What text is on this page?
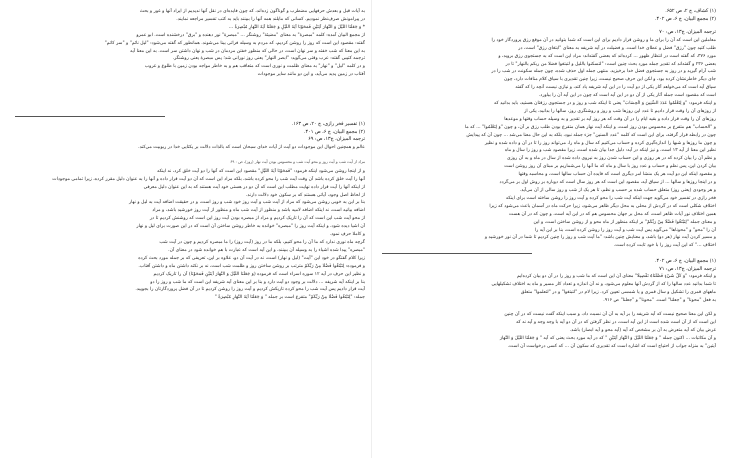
به آیات قبل و بعدش حرفهایی مضطرب و گوناگون زده‌اند، که چون فایده‌ای در نقل آنها ندیدیم از ایراد آنها و غور و بحث

در پیرامونش صرف‌نظر نمودیم. کسانی که مایلند همه آنها را ببینند باید به کتب تفسیر مراجعه نمایند.

* وَ جَعَلْنَا اللَّيْلَ وَ النَّهَارَ آيَتَيْنِ فَمَحَوْنَا آيَةَ اللَّيْلِ وَ جَعَلْنَا آيَةَ النَّهَارِ مُبْصِرَةً ...

از مجمع البیان آمده: کلمه "مبصرة" به معنای "مضیئة" روشنگر ... "مبصرة" نور دهنده و "برق" درخشنده است. ابو عمرو

گفته: مقصود این است که روز را روشن کردیم، که مردم به وسیله فراتی بینا می‌شوند. همانطور که گفته می‌شود: "لیل نائم" و "سر کاتم"

به این معنا که شب خفته و سر نهان است، در حالی که منظور خفتن مردمان در شب و نهان داشتن سر است. به این معنا آیه

ترجمه کتیبی گفته: عرب وقتی می‌گوید: "ابصر النهار" یعنی روز نورانی شد؛ پس مبصرة یعنی روشنگر.

و در کلمه "لیل" و "نهار" به معنای ظلمت و نوری است که متعاقب هم و به خاطر مواجه بودن زمین با طلوع و غروب

آفتاب در زمین پدید می‌آید، و این دو مانند سایر موجودات

(۱) تفسیر فخر رازی، ج ۲۰، ص ۱۶۳.

(۲) مجمع البیان، ج ۶، ص ۴۰۱.

ترجمه المیزان، ج۱۳، ص: ۶۹

عالم و همچنین احوال این موجودات دو آیت از آیات خدای سبحان است که بالذات دلالت بر یکتایی خدا در ربوبیت می‌کند.

مراد از آیت شب و آیت روز و محو آیت شب و محسوس بودن آیت نهار (روز)، ص : ۶۹

و از اینجا روشن می‌شود اینکه فرمود: "فَمَحَوْنَا آيَةَ اللَّيْلِ" مقصود این است که آنها را دو آیت خلق کرد، نه اینکه

آنها را آیت خلق کرده باشد آن وقت آیت شب را محو کرده باشد، بلکه مراد این است که آن دو آیت قرار داده و آنها را به عنوان دلیل مقرر کرده، زیرا تمامی موجودات

از اینکه آنها را آیت قرار داده نهایت مطلب این است که آن دو در هستی خود آیت هستند که به این عنوان دلیل معرفی

از لحاظ اصل وجود، آیاتی هستند که بر سکون خود دلالت دارند.

بنا بر این به خوبی روشن می‌شود که مراد از آیت شب و آیت روز خود شب و روز است، و در حقیقت اضافه آیت به لیل و نهار

اضافه بیانیه است، نه اینکه اضافه لامیه باشد و منظور از آیت شب ماه و منظور از آیت روز خورشید باشد، و مراد

از محو آیت شب این است که آن را تاریک کردیم و مراد از مبصره بودن آیت روز این است که روشنش کردیم تا در

آن اشیا دیده شود، و اینکه آیت روز را "مبصره" خوانده به خاطر روشن ساختن آن است که در این صورت برای لیل و نهار

و کاملا حرف نمود.

گرچه ماه نوری ندارد که ما آن را محو کنیم، بلکه ما در روز (آیت روز) را ما مبصره کردیم و چون در آیت شب

"مبصره" پیدا شده اشیاء را به وسیله آن ببینند، و این آیه است که عبارت با هم خوانده شود در معنای آن.

زیرا کلام گفتگو در خود این "آیت" (لیل و نهار) است، نه در آیت آن دو، علاوه بر این، تعریفی که بر جمله مورد بحث کرده

و فرموده: لِتَبْتَغُوا فَضْلًا مِنْ رَبِّكُمْ مترتب بر روشن ساختن روز و ظلمت شب است، نه بر نکته داشتن ماه و داشتن آفتاب.

و نظیر این حرف در آیه ۱۲ سوره اسراء است که فرموده (وَ جَعَلْنَا اللَّيْلَ وَ النَّهَارَ آيَتَيْنِ فَمَحَوْنَا) آن را تاریک کردیم

بنا بر اینکه آیه شریفه ... دلالت بر وجود دو آیت دارد و بنا بر این معنای آیه شریفه این است که ما شب و روز را دو

آیت قرار دادیم پس آیت شب را محو کرده تاریکش کردیم و آیت روز را روشن کردیم تا در آن فضل پروردگارتان را بجویید.

جمله: "لِتَبْتَغُوا فَضْلًا مِنْ رَبِّكُمْ" متفرع است بر جمله " وَ جَعَلْنَا آيَةَ النَّهَارِ مُبْصِرَةً "

(۱) کشاف، ج ۲، ص ۶۵۲.

(۲) مجمع البیان، ج ۶، ص ۴۰۲.

ترجمه المیزان، ج۱۳، ص: ۷۰

معاملین این است که آن را برای ما و روشن قرار دادیم برای این است که شما بتوانید در آن موقع رزق پروردگار خود را

طلب کنید چون "رزق" فضل و عطای خدا است. و فضیلت در آیه شریفه به معنای "ابتغای رزق" است، در

مورد ۳۷۶، که گفته است در انتظار ظهور ... کرده‌اند که بعضی گفته‌اند: مراد این است که به جستجوی رزق بروید، و

بعضی ۲۳۶ و گفته‌اند که تقدیر جمله مورد بحث چنین است: "لتسکنوا باللیل و لتبتغوا فضلا من ربکم بالنهار" تا در

شب آرام گیرید و در روز به جستجوی فضل خدا برخیزید. منتهی جمله اول حذف شده، چون جمله سکونت در شب را در

جای دیگر خاطرنشان کرده بود، و لکن این حرف صحیح نیست، زیرا چنین تقدیری با سیاق کلام منافات دارد، چون

سیاق آیه است که می‌خواهد آثار یکی از دو آیت را در این آیه شریفه یاد کند، و نیازی نیست آنچه را که گفته

است که مقصود است جمله آثار یکی از آن دو در این آیه است که چون در این آیه آن را بیاورد.

و اینکه فرمود: "وَ لِتَعْلَمُوا عَدَدَ السِّنِينَ وَ الْحِسَابَ" یعنی تا اینکه شب و روز و در جستجوی رزقتان هستید، باید بدانید که

از روزهای آن را وقت قرار دادیم تا عدد این روزها شب و روز و روشنگری روز، سالها را بدانید، یکی از

روزهای آن را وقت قرار داده و بقیه ایام را در آن وقت که هر روز آیه بر تقدیر و به وسیله حساب وقتها و موعدها

و "الحساب" هم متفرع بر محسوس بودن روز است، و اینکه آیت نهار همان متفرع بودن طلب رزق بر آن، و چون "وَ لِتَعْلَمُوا" ... که ما

چون در رابطه قرار گرفته، برای این است که کلمه "عدد السنین" جزء جمله نبود، بلکه به این حال معنا می‌شد ... چون آن که پیدایش

و چون ما روزها و شبها را اندازه‌گیری کرده و حساب می‌کنیم که سال و ماه را، می‌تواند روز را تا در آن و داده شده و نظیر

نظیر این معنا از آیه ۱۳ است، و نیز اینکه در آیه: دلیل جدا بیان شده است، زیرا مقصود شب و روز را سال و ماه

و نظم آن را بیان کرده که در هر روزی و این حساب شدن روز به نیروی داده شده از سال در ماه و به آن روزی

بیان کردن این، پس نظم و حساب و عدد روز با سال و ماه که ما آنها را می‌شماریم بر مبنای آن روز روشن است

و مقصود اینکه این دو آیت هر یک منشأ امر دیگری است که فایده آن حساب سالها است، و محاسبه وقتها

و در اینجا روزها و سالها ... از سیاق آیه، مقصود این است که هر روز سال است که دوباره بر روش اول بر می‌گردد

و هر وجودی (یعنی روز) متعلق حساب شده بر حسب و نظم، تا هر یک از شب و روز سالی از آن می‌آید.

فخر رازی در تفسیر خود می‌گوید جهت اینکه آیت شب را محو کرده و آیت روز را روشن ساخته است برای اینکه

اختلاف شکلی است که در گردش از محلی به محل دیگر ظاهر می‌شود، زیرا حرکت ماه در آسمان باعث می‌شود که زیرا

همین اختلاف نور آیات ظاهر است، که محل بر جهان محسوس هم که در این آیه است، و چون که در آن هست

و معنای جمله "لِتَبْتَغُوا فَضْلًا مِنْ رَبِّكُمْ" بر اینکه منظور از ماه محو و از روشن ساختن است، و این

آن را "محو" و "محوناها" می‌گوید پس آیت شب و آیت روز را روشن کرده است، بنا بر این آیه را

و مسیر کردن آیت نهار (هر دو) باشد، و معنایش چنین باشد: "ما آیت شب و روز را چنین کردیم تا شما در آن نور خورشید و

اختلاف ..." که این آیت روز را با خود ثابت کرده است.

(۱) مجمع البیان، ج ۶، ص ۴۰۲.

ترجمه المیزان، ج۱۳، ص: ۷۱

و اینکه فرمود: "وَ كُلَّ شَيْءٍ فَصَّلْنَاهُ تَفْصِيلًا" معنای آن این است که ما شب و روز را در آن دو بیان کرده‌ایم

تا شما بدانید عدد سالها را که از گردش آنها معلوم می‌شود، و نه آن اندازه و تعداد کار مسیر و ماه به اختلاف تشکیلهایی

ماههای قمری را تشکیل و سال قمری و یا شمسی تعیین کرد. زیرا لام در "لتبتغوا" و در "لتعلموا" متعلق

به فعل "محونا" و "جعلنا" است. "محونا" و "جعلنا" ص ۹۱۶.

و لکن این معنا صحیح نیست که آیه شریفه را بر آیه به آن آن نسبت داد، و سبب اینکه گفت نیست که در آن چنین

این است که از آن است شده است از این آیه است، در نظر گرفتن که در آن دو آیه با وجه وجه و آیه نه که

غرض بیان که آیه متعرض به آن بر مشخص که آیه (آیه محو و آیه ابصار) باشد.

و آن مکاتبات ... اکنون جمله " وَ جَعَلْنَا اللَّيْلَ وَ النَّهَارَ آيَتَيْنِ " که در آیه مورد بحث یعنی که آیه " وَ جَعَلْنَا اللَّيْلَ وَ النَّهَارَ

آیتین" به منزله جواب از احتیاج است که اشاره است که تقدیری که سکون آن ... که کسی درخواست آن است.
